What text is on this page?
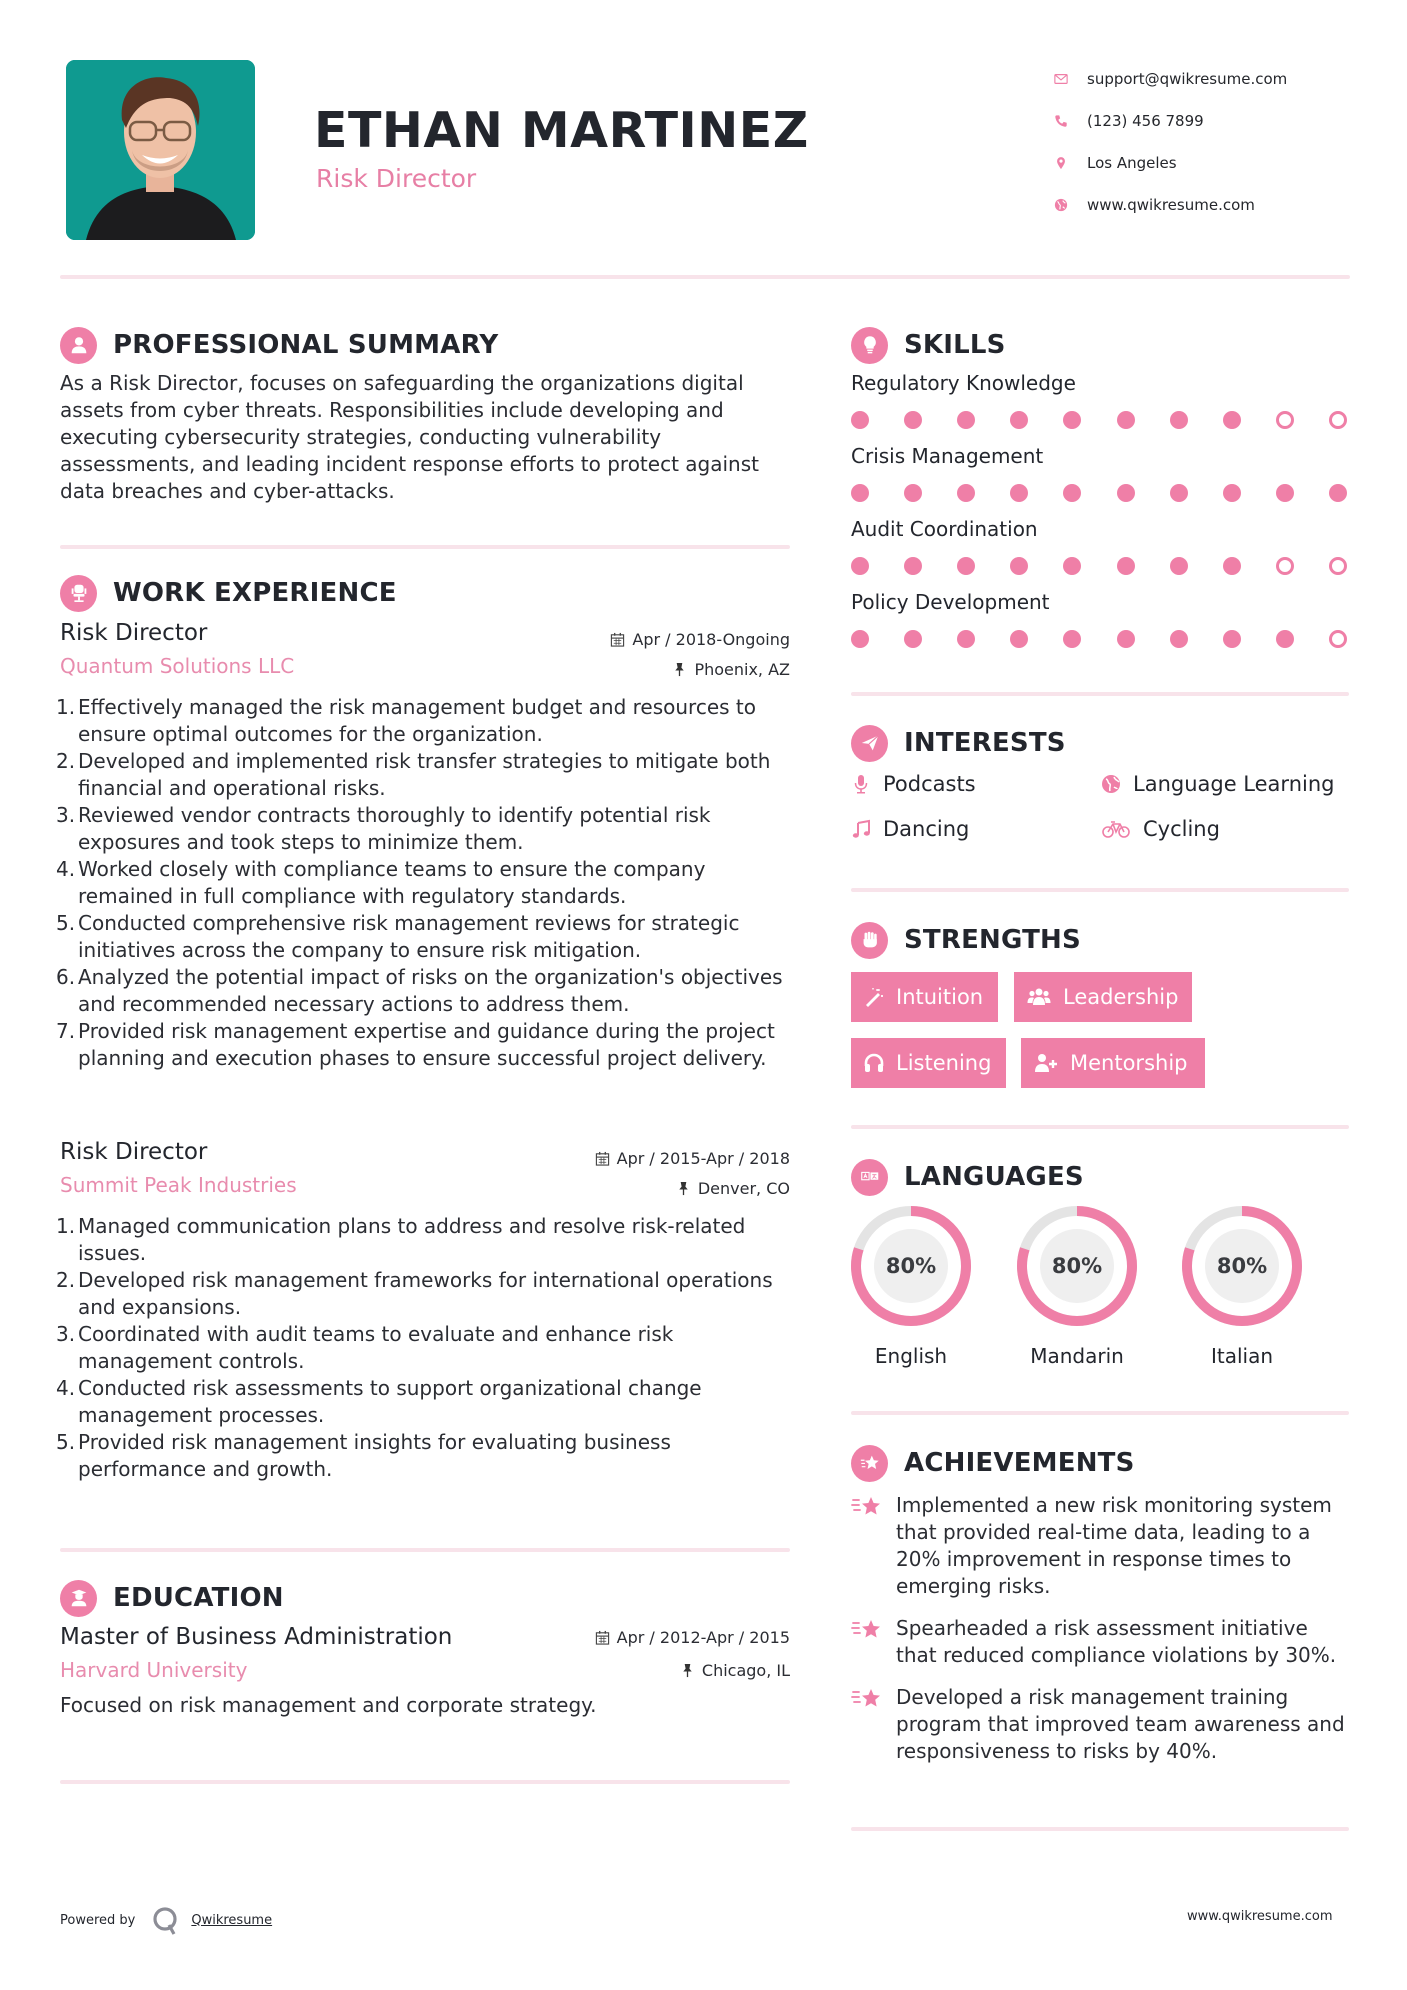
ETHAN MARTINEZ
Risk Director
support@qwikresume.com
(123) 456 7899
Los Angeles
www.qwikresume.com
PROFESSIONAL SUMMARY
As a Risk Director, focuses on safeguarding the organizations digital assets from cyber threats. Responsibilities include developing and executing cybersecurity strategies, conducting vulnerability assessments, and leading incident response efforts to protect against data breaches and cyber-attacks.
WORK EXPERIENCE
Risk Director
Quantum Solutions LLC
Apr / 2018-Ongoing
Phoenix, AZ
Effectively managed the risk management budget and resources to ensure optimal outcomes for the organization.
Developed and implemented risk transfer strategies to mitigate both financial and operational risks.
Reviewed vendor contracts thoroughly to identify potential risk exposures and took steps to minimize them.
Worked closely with compliance teams to ensure the company remained in full compliance with regulatory standards.
Conducted comprehensive risk management reviews for strategic initiatives across the company to ensure risk mitigation.
Analyzed the potential impact of risks on the organization's objectives and recommended necessary actions to address them.
Provided risk management expertise and guidance during the project planning and execution phases to ensure successful project delivery.
Risk Director
Summit Peak Industries
Apr / 2015-Apr / 2018
Denver, CO
Managed communication plans to address and resolve risk-related issues.
Developed risk management frameworks for international operations and expansions.
Coordinated with audit teams to evaluate and enhance risk management controls.
Conducted risk assessments to support organizational change management processes.
Provided risk management insights for evaluating business performance and growth.
EDUCATION
Master of Business Administration
Harvard University
Apr / 2012-Apr / 2015
Chicago, IL
Focused on risk management and corporate strategy.
SKILLS
Regulatory Knowledge
Crisis Management
Audit Coordination
Policy Development
INTERESTS
Podcasts	Language Learning
Dancing	Cycling
STRENGTHS
Intuition	Leadership
Listening	Mentorship
LANGUAGES
80%
English
80%
Mandarin
80%
Italian
ACHIEVEMENTS
Implemented a new risk monitoring system that provided real-time data, leading to a 20% improvement in response times to emerging risks.
Spearheaded a risk assessment initiative that reduced compliance violations by 30%.
Developed a risk management training program that improved team awareness and responsiveness to risks by 40%.
Powered by	Qwikresume	www.qwikresume.com
